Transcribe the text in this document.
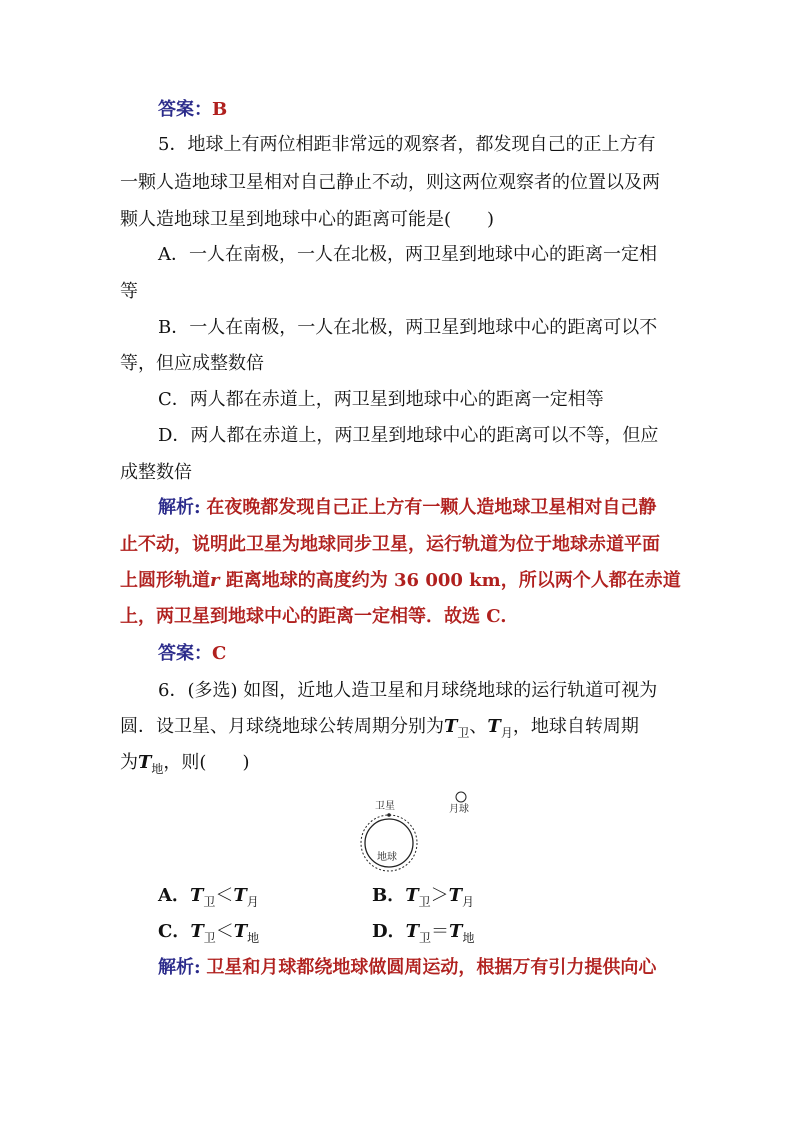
答案：B
5．地球上有两位相距非常远的观察者，都发现自己的正上方有
一颗人造地球卫星相对自己静止不动，则这两位观察者的位置以及两
颗人造地球卫星到地球中心的距离可能是(　　)
A．一人在南极，一人在北极，两卫星到地球中心的距离一定相
等
B．一人在南极，一人在北极，两卫星到地球中心的距离可以不
等，但应成整数倍
C．两人都在赤道上，两卫星到地球中心的距离一定相等
D．两人都在赤道上，两卫星到地球中心的距离可以不等，但应
成整数倍
解析: 在夜晚都发现自己正上方有一颗人造地球卫星相对自己静
止不动，说明此卫星为地球同步卫星，运行轨道为位于地球赤道平面
上圆形轨道r 距离地球的高度约为 36 000 km，所以两个人都在赤道
上，两卫星到地球中心的距离一定相等．故选 C.
答案：C
6．(多选) 如图，近地人造卫星和月球绕地球的运行轨道可视为
圆．设卫星、月球绕地球公转周期分别为$T_卫$、$T_月$，地球自转周期
为$T_地$，则(　　)
卫星	月球
地球
A．$T_卫<T_月$	B．$T_卫>T_月$
C．$T_卫<T_地$	D．$T_卫=T_地$
解析: 卫星和月球都绕地球做圆周运动，根据万有引力提供向心
